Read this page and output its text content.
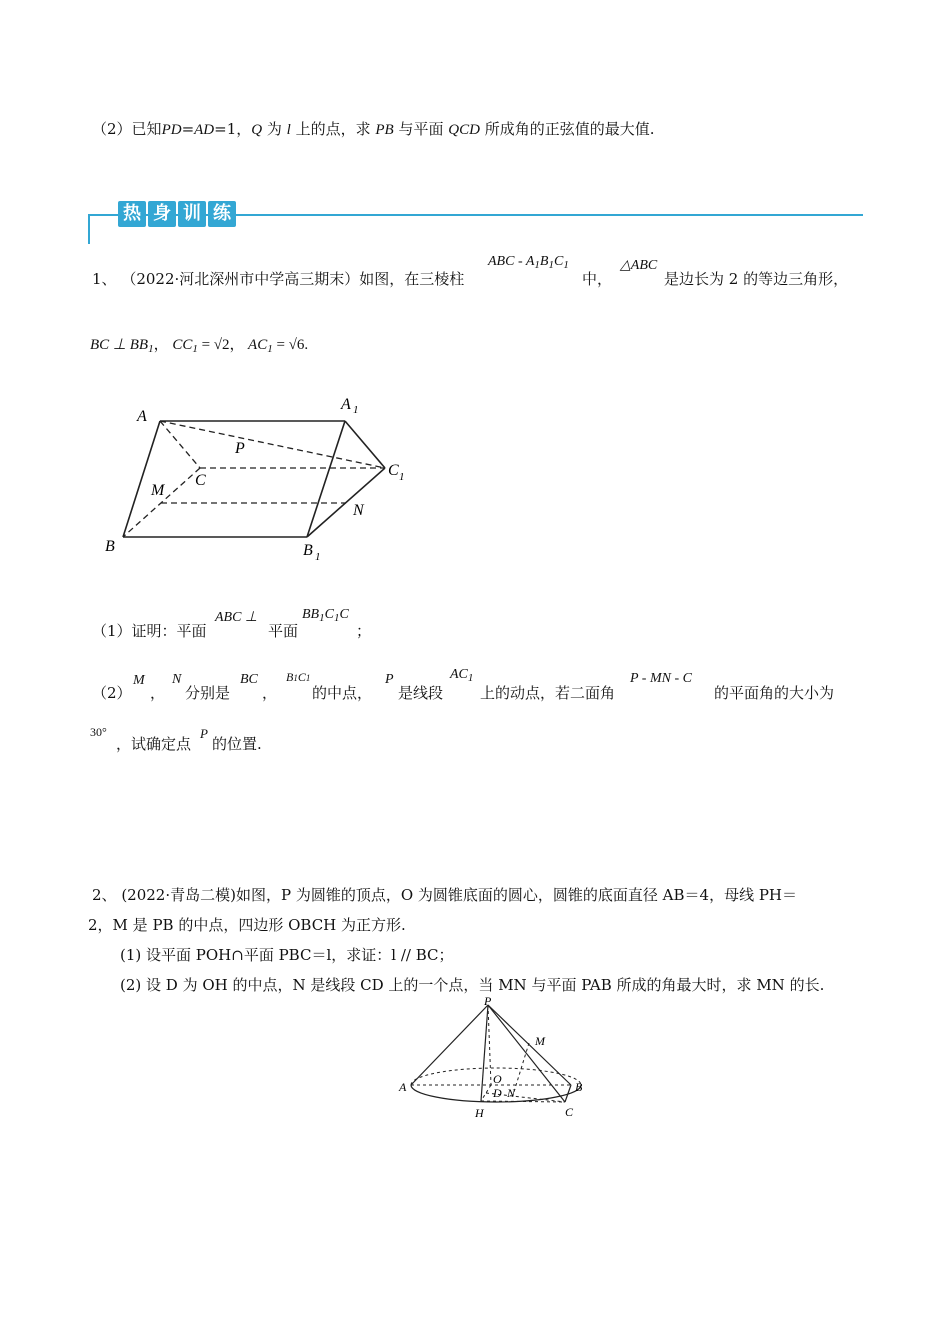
（2）已知PD=AD=1，Q 为 l 上的点，求 PB 与平面 QCD 所成角的正弦值的最大值.
热 身 训 练
1、 （2022·河北深州市中学高三期末）如图，在三棱柱
ABC - $A_1B_1C_1$
中，
△ABC
是边长为 2 的等边三角形，
BC ⊥ $BB_1$， $CC_1 = √2$， $AC_1 = √6$.
A
A 1
B	B 1
C
C 1
P
M
N
（1）证明：平面
ABC ⊥
平面
$BB_1C_1C$
；
（2）
M
，
N
分别是
BC
，
B1C1
的中点，
P
是线段
$AC_1$
上的动点，若二面角
P - MN - C
的平面角的大小为
30°
，试确定点
P
的位置.
2、 (2022·青岛二模)如图，P 为圆锥的顶点，O 为圆锥底面的圆心，圆锥的底面直径 AB＝4，母线 PH＝
2，M 是 PB 的中点，四边形 OBCH 为正方形.
(1) 设平面 POH∩平面 PBC＝l，求证：l // BC；
(2) 设 D 为 OH 的中点，N 是线段 CD 上的一个点，当 MN 与平面 PAB 所成的角最大时，求 MN 的长.
P
M
A	B
O
D N
H	C
